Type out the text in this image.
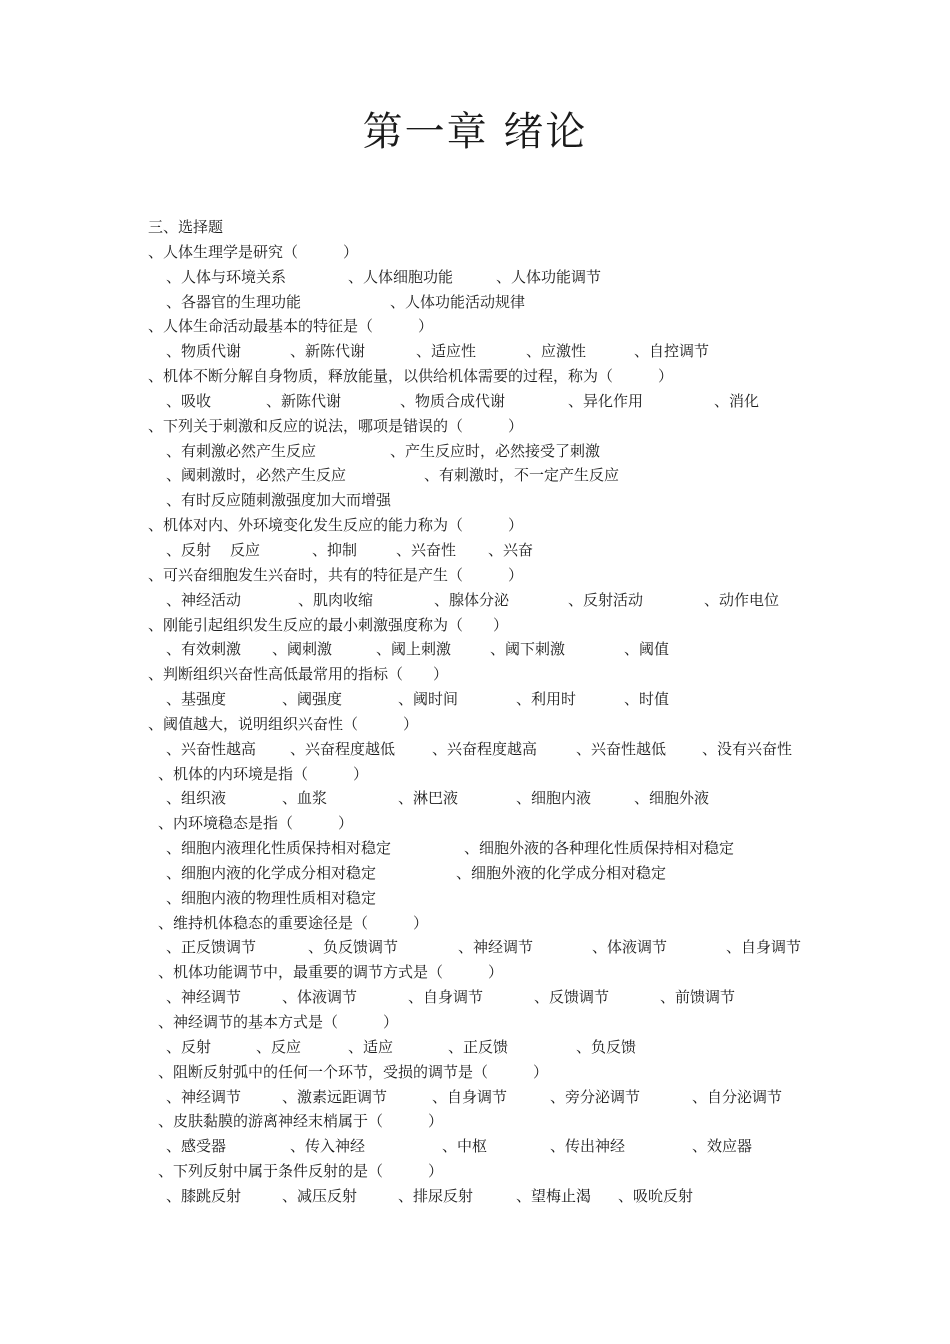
第一章 绪论
三、选择题
、人体生理学是研究（　　　）
、人体与环境关系	、人体细胞功能	、人体功能调节
、各器官的生理功能	、人体功能活动规律
、人体生命活动最基本的特征是（　　　）
、物质代谢	、新陈代谢	、适应性	、应激性	、自控调节
、机体不断分解自身物质，释放能量，以供给机体需要的过程，称为（　　　）
、吸收	、新陈代谢	、物质合成代谢	、异化作用	、消化
、下列关于刺激和反应的说法，哪项是错误的（　　　）
、有刺激必然产生反应	、产生反应时，必然接受了刺激
、阈刺激时，必然产生反应	、有刺激时，不一定产生反应
、有时反应随刺激强度加大而增强
、机体对内、外环境变化发生反应的能力称为（　　　）
、反射 反应	、抑制	、兴奋性 、兴奋
、可兴奋细胞发生兴奋时，共有的特征是产生（　　　）
、神经活动	、肌肉收缩	、腺体分泌	、反射活动	、动作电位
、刚能引起组织发生反应的最小刺激强度称为（　　）
、有效刺激 、阈刺激	、阈上刺激	、阈下刺激	、阈值
、判断组织兴奋性高低最常用的指标（　　）
、基强度	、阈强度	、阈时间	、利用时	、时值
、阈值越大，说明组织兴奋性（　　　）
、兴奋性越高 、兴奋程度越低 、兴奋程度越高	、兴奋性越低 、没有兴奋性
、机体的内环境是指（　　　）
、组织液	、血浆	、淋巴液	、细胞内液	、细胞外液
、内环境稳态是指（　　　）
、细胞内液理化性质保持相对稳定	、细胞外液的各种理化性质保持相对稳定
、细胞内液的化学成分相对稳定	、细胞外液的化学成分相对稳定
、细胞内液的物理性质相对稳定
、维持机体稳态的重要途径是（　　　）
、正反馈调节	、负反馈调节	、神经调节	、体液调节	、自身调节
、机体功能调节中，最重要的调节方式是（　　　）
、神经调节	、体液调节	、自身调节	、反馈调节	、前馈调节
、神经调节的基本方式是（　　　）
、反射	、反应	、适应	、正反馈	、负反馈
、阻断反射弧中的任何一个环节，受损的调节是（　　　）
、神经调节	、激素远距调节	、自身调节	、旁分泌调节	、自分泌调节
、皮肤黏膜的游离神经末梢属于（　　　）
、感受器	、传入神经	、中枢	、传出神经	、效应器
、下列反射中属于条件反射的是（　　　）
、膝跳反射	、减压反射	、排尿反射	、望梅止渴 、吸吮反射
